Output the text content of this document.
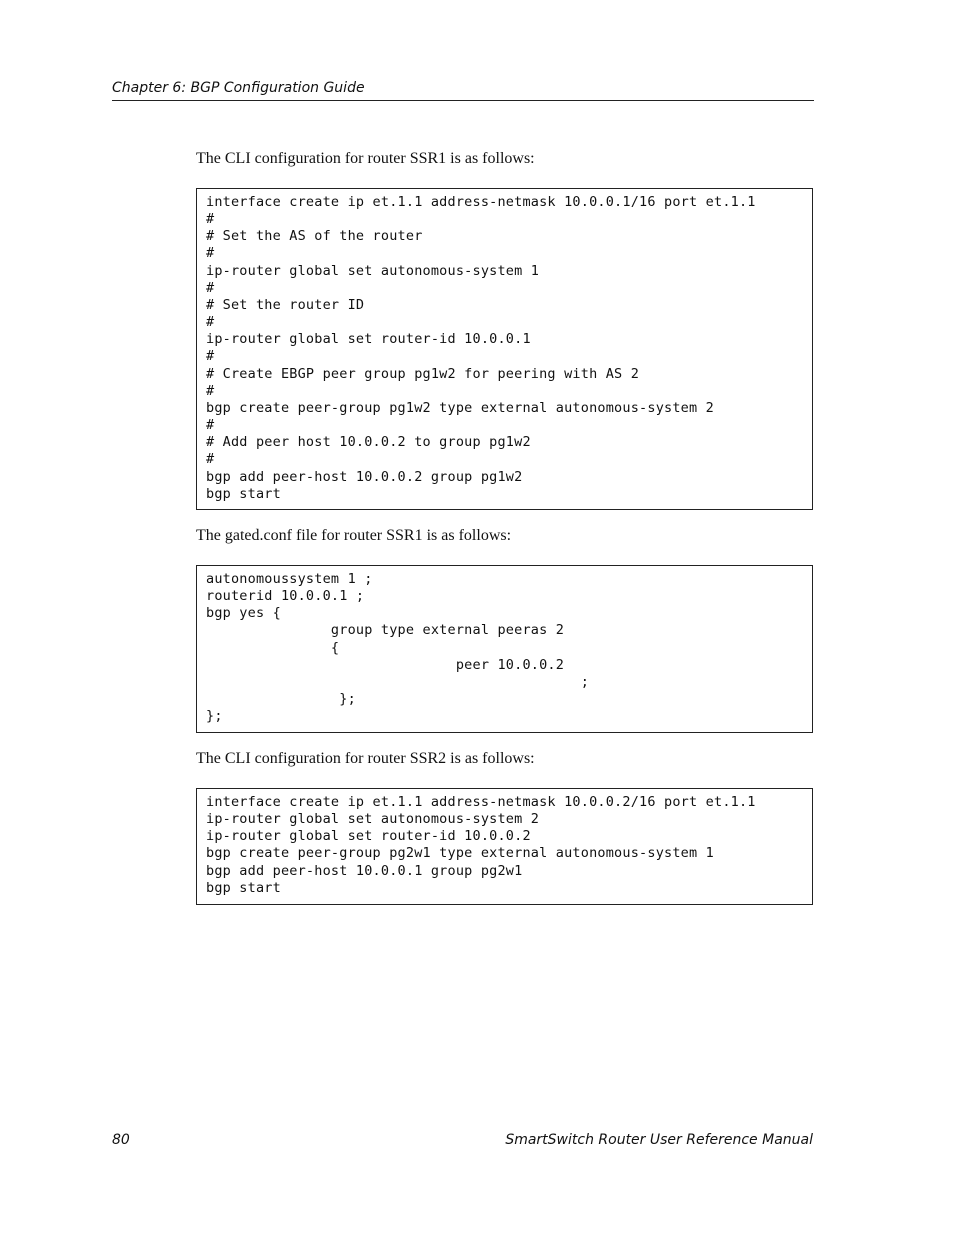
Chapter 6: BGP Configuration Guide
The CLI configuration for router SSR1 is as follows:
interface create ip et.1.1 address-netmask 10.0.0.1/16 port et.1.1
#
# Set the AS of the router
#
ip-router global set autonomous-system 1
#
# Set the router ID
#
ip-router global set router-id 10.0.0.1
#
# Create EBGP peer group pg1w2 for peering with AS 2
#
bgp create peer-group pg1w2 type external autonomous-system 2
#
# Add peer host 10.0.0.2 to group pg1w2
#
bgp add peer-host 10.0.0.2 group pg1w2
bgp start
The gated.conf file for router SSR1 is as follows:
autonomoussystem 1 ;
routerid 10.0.0.1 ;
bgp yes {
group type external peeras 2
{
peer 10.0.0.2
;
};
};
The CLI configuration for router SSR2 is as follows:
interface create ip et.1.1 address-netmask 10.0.0.2/16 port et.1.1
ip-router global set autonomous-system 2
ip-router global set router-id 10.0.0.2
bgp create peer-group pg2w1 type external autonomous-system 1
bgp add peer-host 10.0.0.1 group pg2w1
bgp start
80	SmartSwitch Router User Reference Manual
